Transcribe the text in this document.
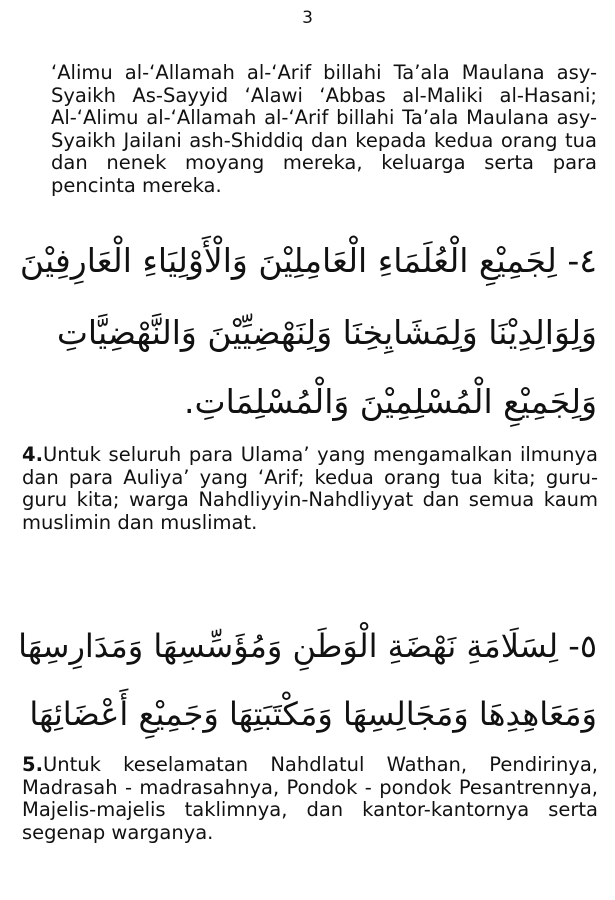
3

‘Alimu al-‘Allamah al-‘Arif billahi Ta’ala Maulana asy-Syaikh As-Sayyid ‘Alawi ‘Abbas al-Maliki al-Hasani; Al-‘Alimu al-‘Allamah al-‘Arif billahi Ta’ala Maulana asy-Syaikh Jailani ash-Shiddiq dan kepada kedua orang tua dan nenek moyang mereka, keluarga serta para pencinta mereka.

٤- لِجَمِيْعِ الْعُلَمَاءِ الْعَامِلِيْنَ وَالْأَوْلِيَاءِ الْعَارِفِيْنَ

وَلِوَالِدِيْنَا وَلِمَشَايِخِنَا وَلِنَهْضِيِّيْنَ وَالنَّهْضِيَّاتِ

وَلِجَمِيْعِ الْمُسْلِمِيْنَ وَالْمُسْلِمَاتِ.

4.Untuk seluruh para Ulama’ yang mengamalkan ilmunya dan para Auliya’ yang ‘Arif; kedua orang tua kita; guru-guru kita; warga Nahdliyyin-Nahdliyyat dan semua kaum muslimin dan muslimat.

٥- لِسَلَامَةِ نَهْضَةِ الْوَطَنِ وَمُؤَسِّسِهَا وَمَدَارِسِهَا

وَمَعَاهِدِهَا وَمَجَالِسِهَا وَمَكْتَبَتِهَا وَجَمِيْعِ أَعْضَائِهَا

5.Untuk keselamatan Nahdlatul Wathan, Pendirinya, Madrasah - madrasahnya, Pondok - pondok Pesantrennya, Majelis-majelis taklimnya, dan kantor-kantornya serta segenap warganya.
